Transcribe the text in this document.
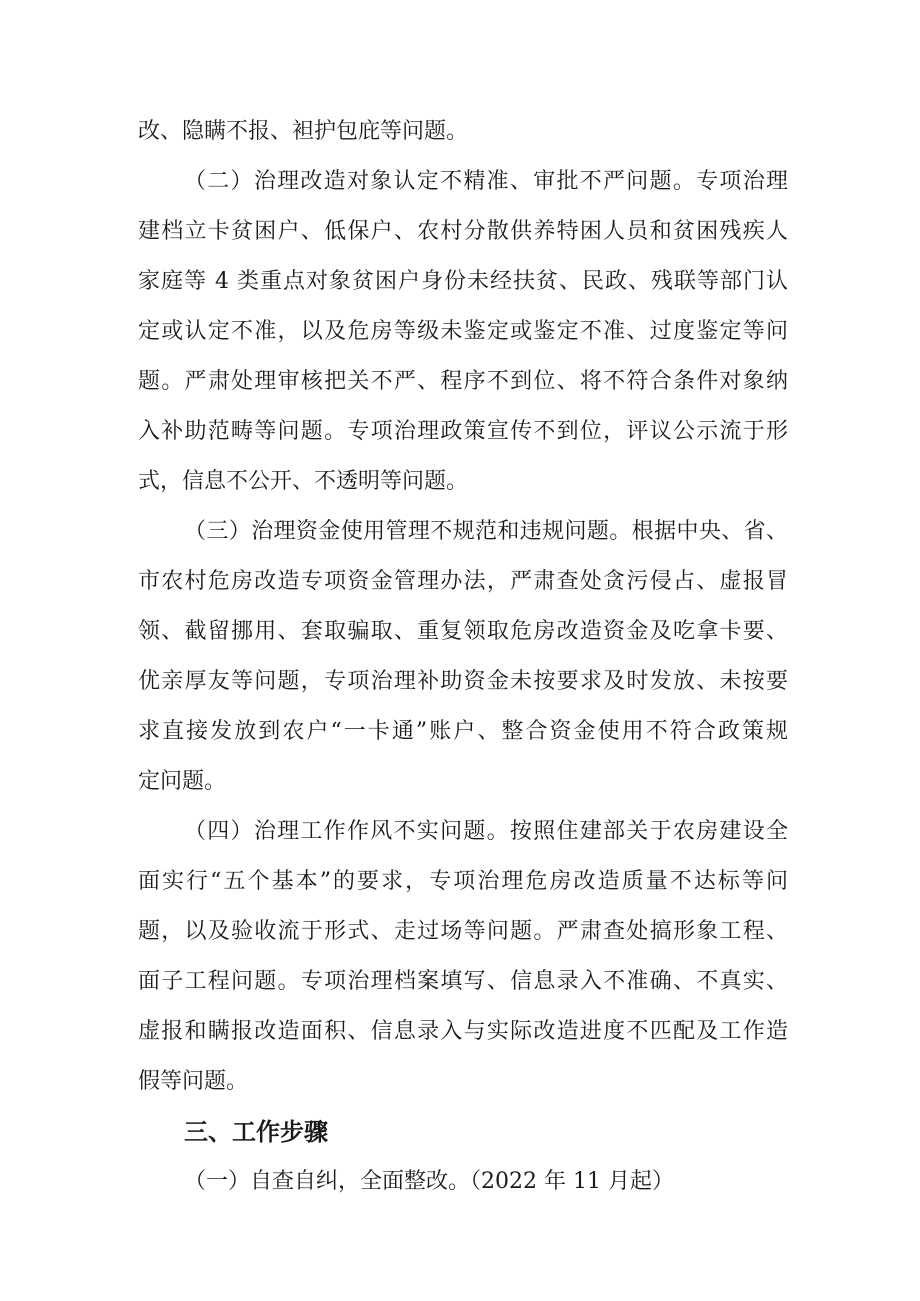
改、隐瞒不报、袒护包庇等问题。
（二）治理改造对象认定不精准、审批不严问题。专项治理
建档立卡贫困户、低保户、农村分散供养特困人员和贫困残疾人
家庭等 4 类重点对象贫困户身份未经扶贫、民政、残联等部门认
定或认定不准，以及危房等级未鉴定或鉴定不准、过度鉴定等问
题。严肃处理审核把关不严、程序不到位、将不符合条件对象纳
入补助范畴等问题。专项治理政策宣传不到位，评议公示流于形
式，信息不公开、不透明等问题。
（三）治理资金使用管理不规范和违规问题。根据中央、省、
市农村危房改造专项资金管理办法，严肃查处贪污侵占、虚报冒
领、截留挪用、套取骗取、重复领取危房改造资金及吃拿卡要、
优亲厚友等问题，专项治理补助资金未按要求及时发放、未按要
求直接发放到农户“一卡通”账户、整合资金使用不符合政策规
定问题。
（四）治理工作作风不实问题。按照住建部关于农房建设全
面实行“五个基本”的要求，专项治理危房改造质量不达标等问
题，以及验收流于形式、走过场等问题。严肃查处搞形象工程、
面子工程问题。专项治理档案填写、信息录入不准确、不真实、
虚报和瞒报改造面积、信息录入与实际改造进度不匹配及工作造
假等问题。
三、工作步骤
（一）自查自纠，全面整改。（2022 年 11 月起）
